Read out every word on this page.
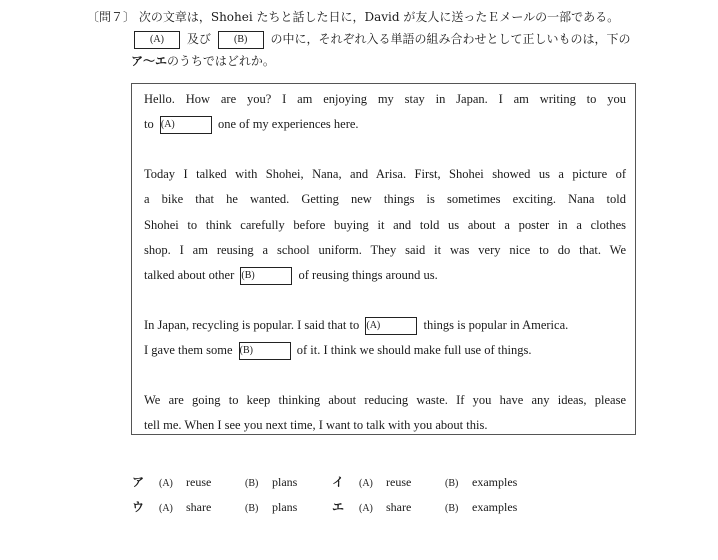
〔問７〕 次の文章は，Shohei たちと話した日に，David が友人に送ったＥメールの一部である。
(A) 及び (B) の中に，それぞれ入る単語の組み合わせとして正しいものは，下の
ア～エのうちではどれか。
Hello. How are you? I am enjoying my stay in Japan. I am writing to you
to (A)	one of my experiences here.
Today I talked with Shohei, Nana, and Arisa. First, Shohei showed us a picture of
a bike that he wanted. Getting new things is sometimes exciting. Nana told
Shohei to think carefully before buying it and told us about a poster in a clothes
shop. I am reusing a school uniform. They said it was very nice to do that. We
talked about other (B)	of reusing things around us.
In Japan, recycling is popular. I said that to (A)	things is popular in America.
I gave them some (B)	of it. I think we should make full use of things.
We are going to keep thinking about reducing waste. If you have any ideas, please
tell me. When I see you next time, I want to talk with you about this.
ア (A) reuse	(B) plans	イ (A) reuse	(B) examples
ウ (A) share	(B) plans	エ (A) share	(B) examples
